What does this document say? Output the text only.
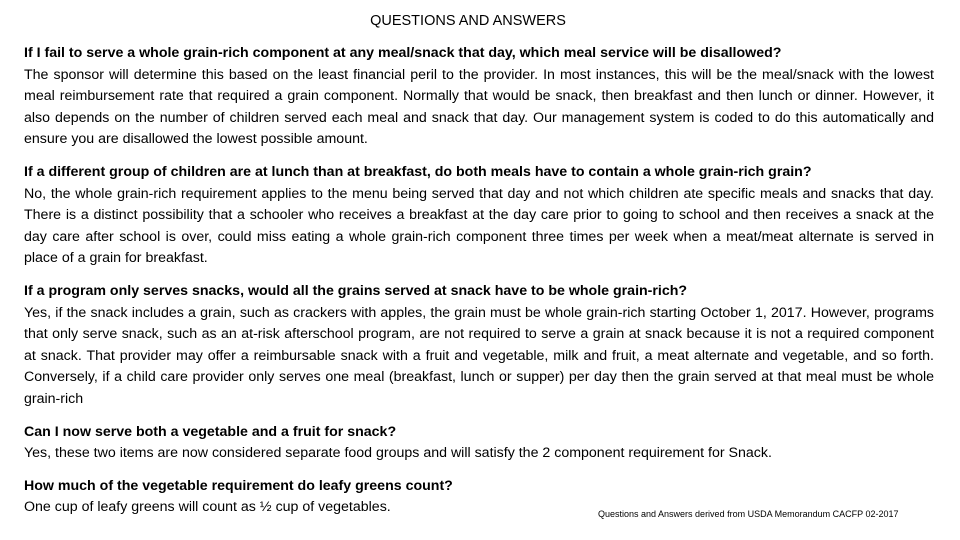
QUESTIONS AND ANSWERS
If I fail to serve a whole grain-rich component at any meal/snack that day, which meal service will be disallowed?
The sponsor will determine this based on the least financial peril to the provider. In most instances, this will be the meal/snack with the lowest meal reimbursement rate that required a grain component. Normally that would be snack, then breakfast and then lunch or dinner. However, it also depends on the number of children served each meal and snack that day. Our management system is coded to do this automatically and ensure you are disallowed the lowest possible amount.
If a different group of children are at lunch than at breakfast, do both meals have to contain a whole grain-rich grain?
No, the whole grain-rich requirement applies to the menu being served that day and not which children ate specific meals and snacks that day. There is a distinct possibility that a schooler who receives a breakfast at the day care prior to going to school and then receives a snack at the day care after school is over, could miss eating a whole grain-rich component three times per week when a meat/meat alternate is served in place of a grain for breakfast.
If a program only serves snacks, would all the grains served at snack have to be whole grain-rich?
Yes, if the snack includes a grain, such as crackers with apples, the grain must be whole grain-rich starting October 1, 2017. However, programs that only serve snack, such as an at-risk afterschool program, are not required to serve a grain at snack because it is not a required component at snack. That provider may offer a reimbursable snack with a fruit and vegetable, milk and fruit, a meat alternate and vegetable, and so forth. Conversely, if a child care provider only serves one meal (breakfast, lunch or supper) per day then the grain served at that meal must be whole grain-rich
Can I now serve both a vegetable and a fruit for snack?
Yes, these two items are now considered separate food groups and will satisfy the 2 component requirement for Snack.
How much of the vegetable requirement do leafy greens count?
One cup of leafy greens will count as ½ cup of vegetables.	Questions and Answers derived from USDA Memorandum CACFP 02-2017
